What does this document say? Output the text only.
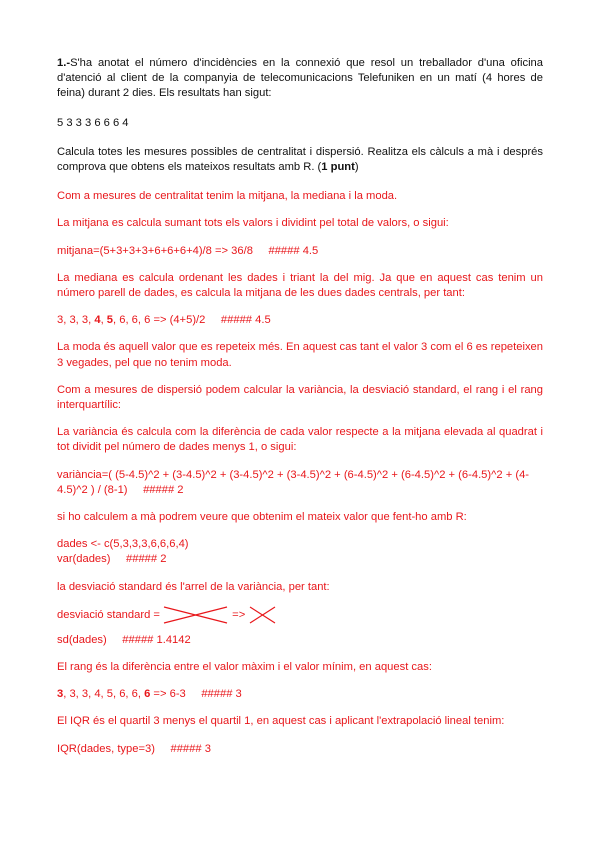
1.-S'ha anotat el número d'incidències en la connexió que resol un treballador d'una oficina d'atenció al client de la companyia de telecomunicacions Telefuniken en un matí (4 hores de feina) durant 2 dies. Els resultats han sigut:

5 3 3 3 6 6 6 4

Calcula totes les mesures possibles de centralitat i dispersió. Realitza els càlculs a mà i després comprova que obtens els mateixos resultats amb R. (1 punt)

Com a mesures de centralitat tenim la mitjana, la mediana i la moda.

La mitjana es calcula sumant tots els valors i dividint pel total de valors, o sigui:

mitjana=(5+3+3+3+6+6+6+4)/8 => 36/8     ##### 4.5

La mediana es calcula ordenant les dades i triant la del mig. Ja que en aquest cas tenim un número parell de dades, es calcula la mitjana de les dues dades centrals, per tant:

3, 3, 3, 4, 5, 6, 6, 6 => (4+5)/2     ##### 4.5

La moda és aquell valor que es repeteix més. En aquest cas tant el valor 3 com el 6 es repeteixen 3 vegades, pel que no tenim moda.

Com a mesures de dispersió podem calcular la variància, la desviació standard, el rang i el rang interquartílic:

La variància és calcula com la diferència de cada valor respecte a la mitjana elevada al quadrat i tot dividit pel número de dades menys 1, o sigui:

variància=( (5-4.5)^2 + (3-4.5)^2 + (3-4.5)^2 + (3-4.5)^2 + (6-4.5)^2 + (6-4.5)^2 + (6-4.5)^2 + (4-4.5)^2 ) / (8-1)     ##### 2

si ho calculem a mà podrem veure que obtenim el mateix valor que fent-ho amb R:

dades <- c(5,3,3,3,6,6,6,4)
var(dades)     ##### 2

la desviació standard és l'arrel de la variància, per tant:

desviació standard =	=>

sd(dades)     ##### 1.4142

El rang és la diferència entre el valor màxim i el valor mínim, en aquest cas:

3, 3, 3, 4, 5, 6, 6, 6 => 6-3     ##### 3

El IQR és el quartil 3 menys el quartil 1, en aquest cas i aplicant l'extrapolació lineal tenim:

IQR(dades, type=3)     ##### 3
